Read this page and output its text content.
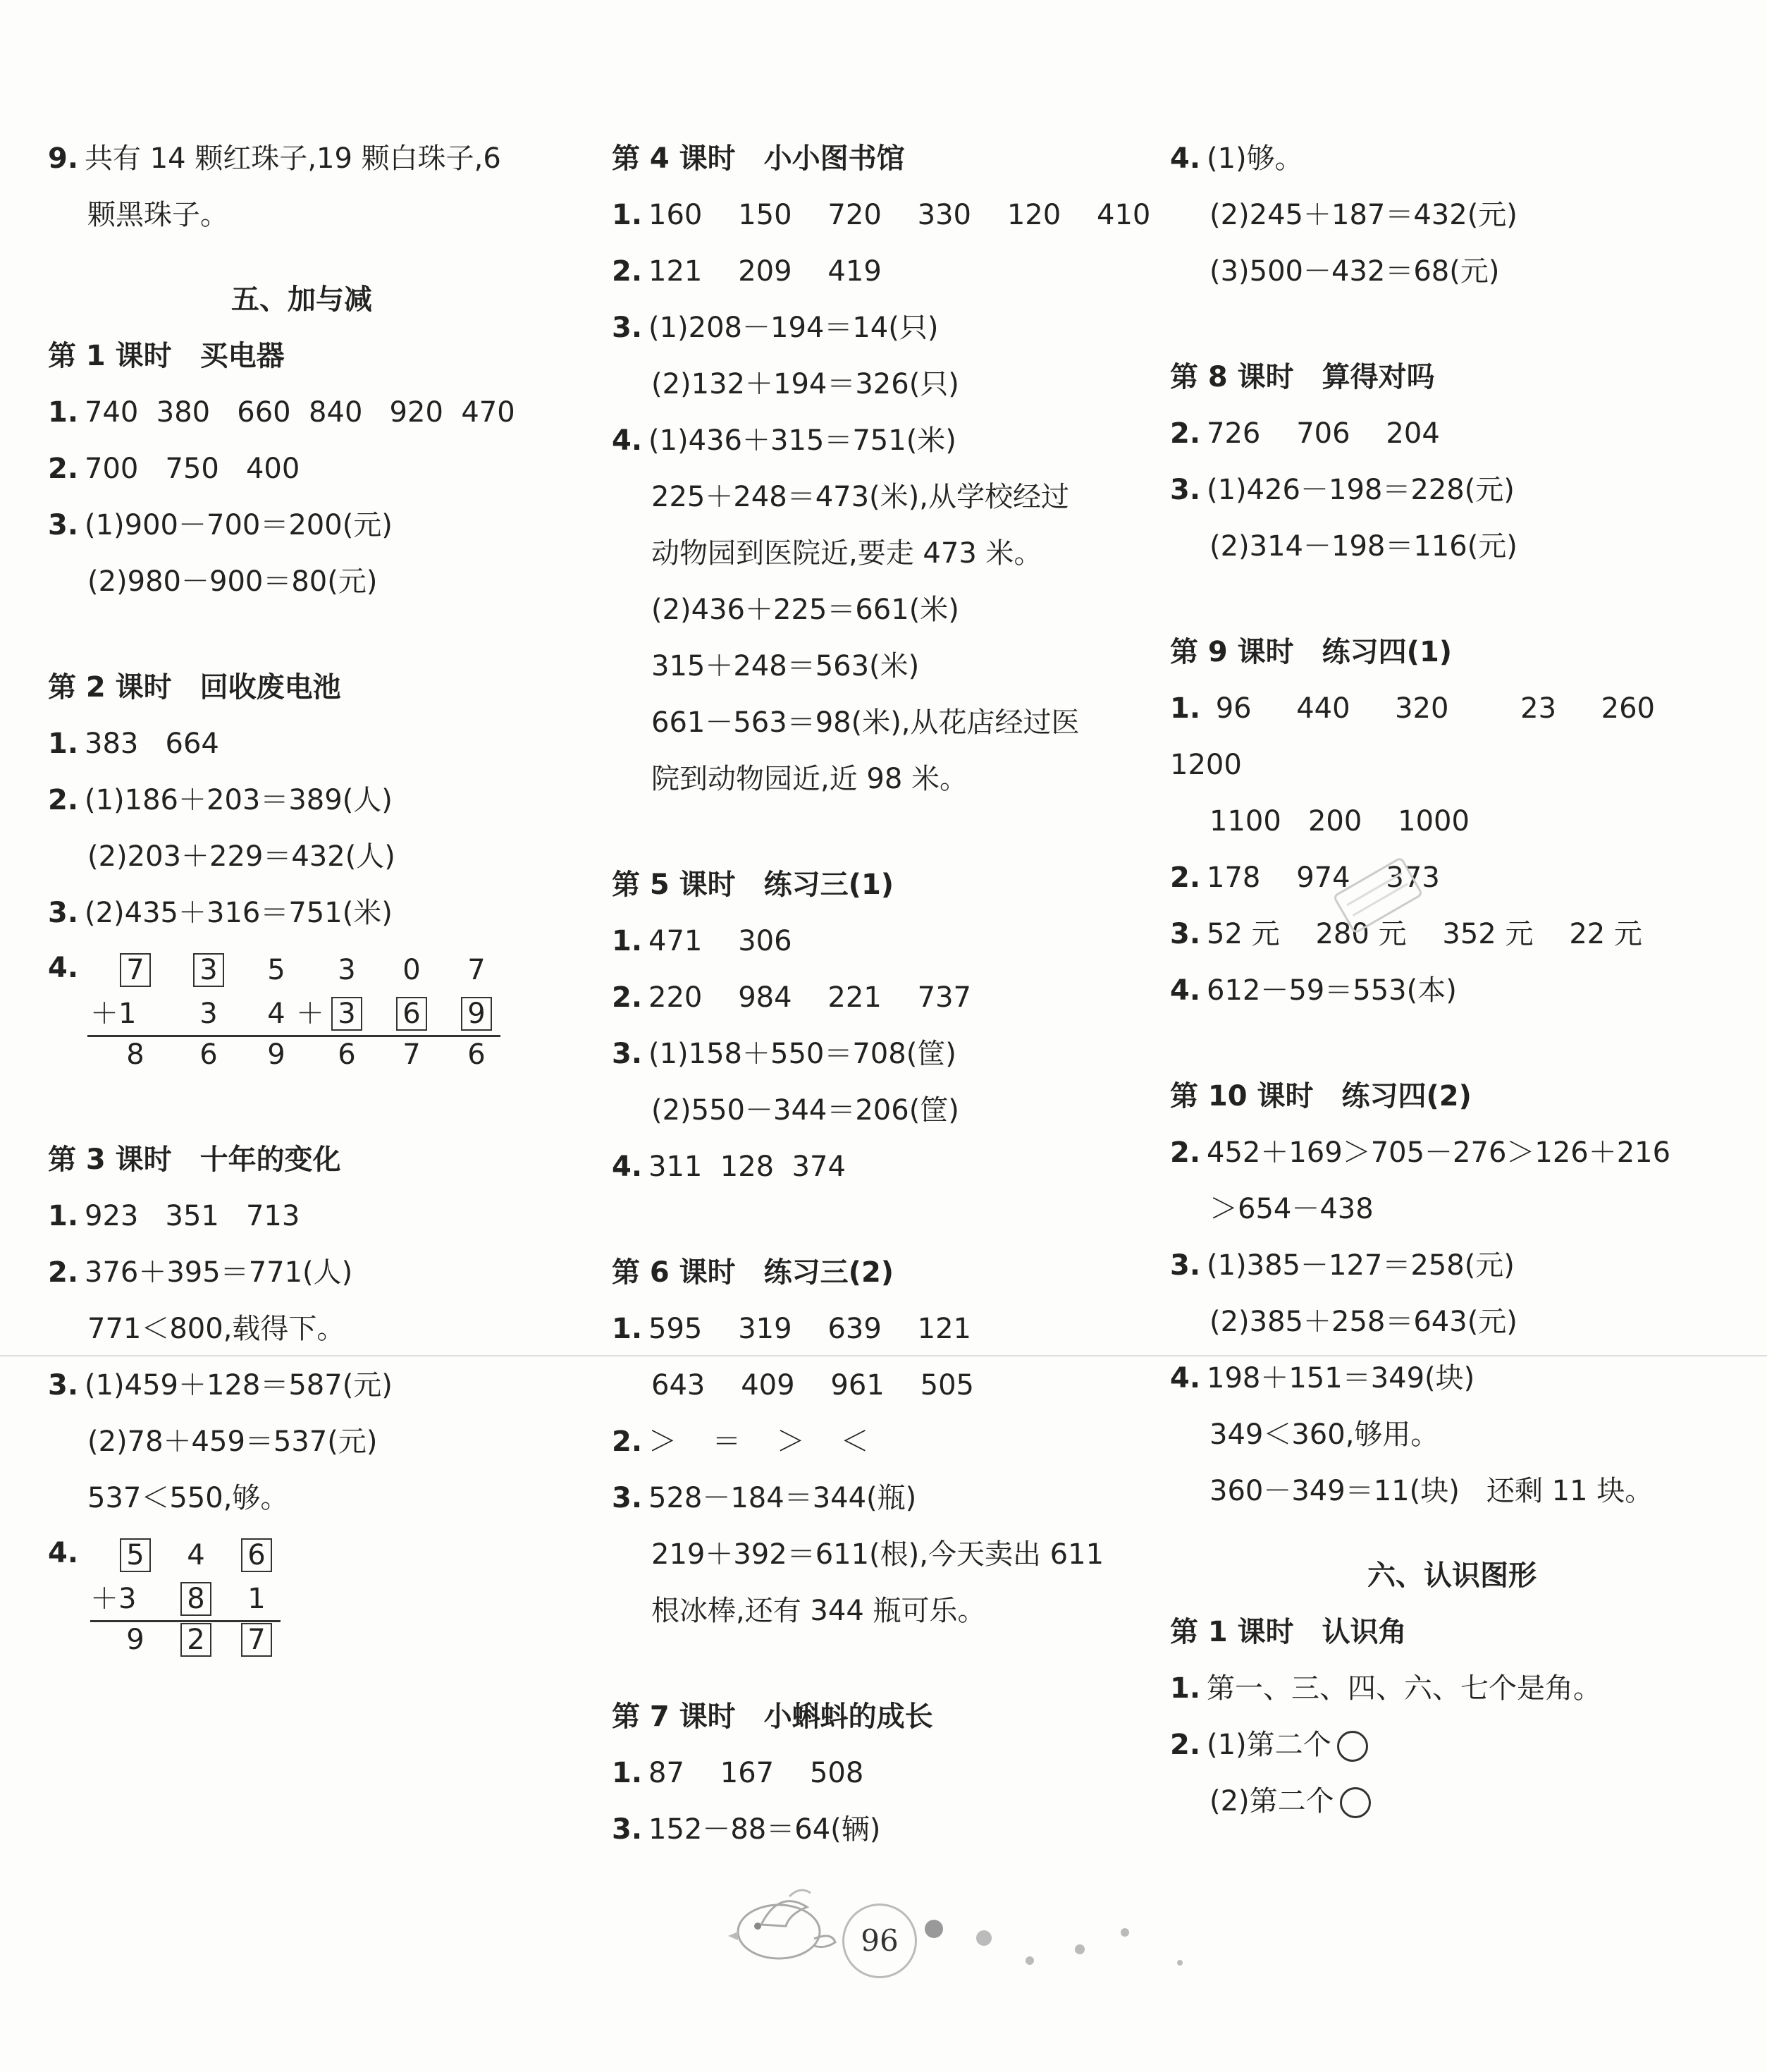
9. 共有 14 颗红珠子,19 颗白珠子,6
颗黑珠子。
五、加与减
第 1 课时　买电器
1. 740  380   660  840   920  470
2. 700   750   400
3. (1)900－700＝200(元)
(2)980－900＝80(元)
第 2 课时　回收废电池
1. 383   664
2. (1)186＋203＝389(人)
(2)203＋229＝432(人)
3. (2)435＋316＝751(米)
4. 7 3 5
＋1 3 4
8 6 9
3 0 7
＋ 3 6 9
6 7 6
第 3 课时　十年的变化
1. 923   351   713
2. 376＋395＝771(人)
771＜800,载得下。
3. (1)459＋128＝587(元)
(2)78＋459＝537(元)
537＜550,够。
4. 5 4 6
＋3 8 1
9 2 7
第 4 课时　小小图书馆
1. 160    150    720    330    120    410
2. 121    209    419
3. (1)208－194＝14(只)
(2)132＋194＝326(只)
4. (1)436＋315＝751(米)
225＋248＝473(米),从学校经过
动物园到医院近,要走 473 米。
(2)436＋225＝661(米)
315＋248＝563(米)
661－563＝98(米),从花店经过医
院到动物园近,近 98 米。
第 5 课时　练习三(1)
1. 471    306
2. 220    984    221    737
3. (1)158＋550＝708(筐)
(2)550－344＝206(筐)
4. 311  128  374
第 6 课时　练习三(2)
1. 595    319    639    121
643    409    961    505
2. ＞    ＝    ＞    ＜
3. 528－184＝344(瓶)
219＋392＝611(根),今天卖出 611
根冰棒,还有 344 瓶可乐。
第 7 课时　小蝌蚪的成长
1. 87    167    508
3. 152－88＝64(辆)
4. (1)够。
(2)245＋187＝432(元)
(3)500－432＝68(元)
第 8 课时　算得对吗
2. 726    706    204
3. (1)426－198＝228(元)
(2)314－198＝116(元)
第 9 课时　练习四(1)
1. 96     440     320        23     260
1200
1100   200    1000
2. 178    974    373
3. 52 元    280 元    352 元    22 元
4. 612－59＝553(本)
第 10 课时　练习四(2)
2. 452＋169＞705－276＞126＋216
＞654－438
3. (1)385－127＝258(元)
(2)385＋258＝643(元)
4. 198＋151＝349(块)
349＜360,够用。
360－349＝11(块)   还剩 11 块。
六、认识图形
第 1 课时　认识角
1. 第一、三、四、六、七个是角。
2. (1)第二个
(2)第二个
96
